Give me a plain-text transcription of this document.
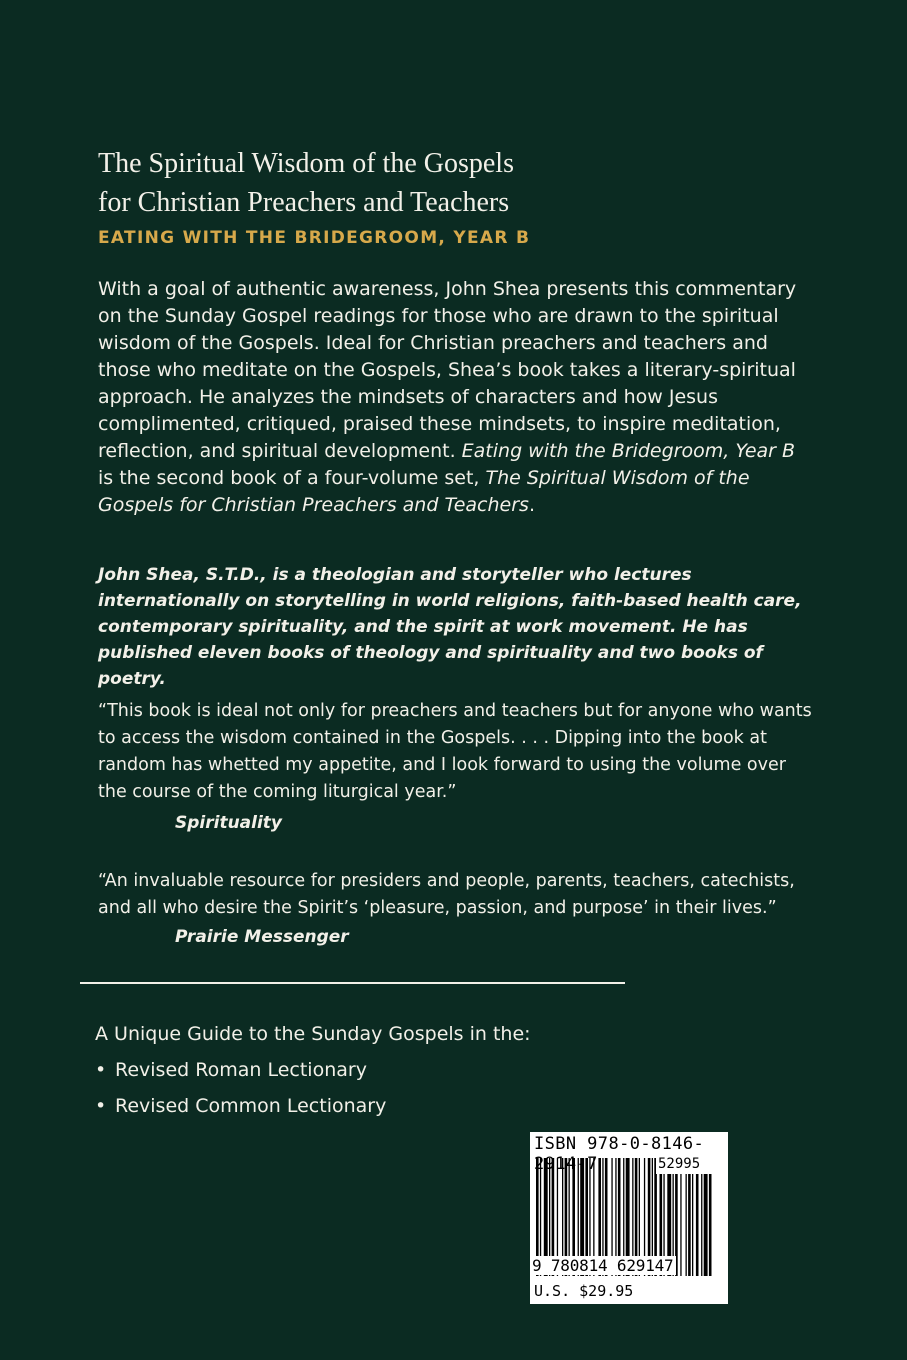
The Spiritual Wisdom of the Gospels
for Christian Preachers and Teachers
EATING WITH THE BRIDEGROOM, YEAR B

With a goal of authentic awareness, John Shea presents this commentary on the Sunday Gospel readings for those who are drawn to the spiritual wisdom of the Gospels. Ideal for Christian preachers and teachers and those who meditate on the Gospels, Shea’s book takes a literary-spiritual approach. He analyzes the mindsets of characters and how Jesus complimented, critiqued, praised these mindsets, to inspire meditation, reflection, and spiritual development. Eating with the Bridegroom, Year B is the second book of a four-volume set, The Spiritual Wisdom of the Gospels for Christian Preachers and Teachers.

John Shea, S.T.D., is a theologian and storyteller who lectures internationally on storytelling in world religions, faith-based health care, contemporary spirituality, and the spirit at work movement. He has published eleven books of theology and spirituality and two books of poetry.

“This book is ideal not only for preachers and teachers but for anyone who wants to access the wisdom contained in the Gospels. . . . Dipping into the book at random has whetted my appetite, and I look forward to using the volume over the course of the coming liturgical year.”

Spirituality

“An invaluable resource for presiders and people, parents, teachers, catechists, and all who desire the Spirit’s ‘pleasure, passion, and purpose’ in their lives.”

Prairie Messenger

A Unique Guide to the Sunday Gospels in the:
• Revised Roman Lectionary
• Revised Common Lectionary
ISBN 978-0-8146-2914-7	52995
9 780814 629147
U.S. $29.95
